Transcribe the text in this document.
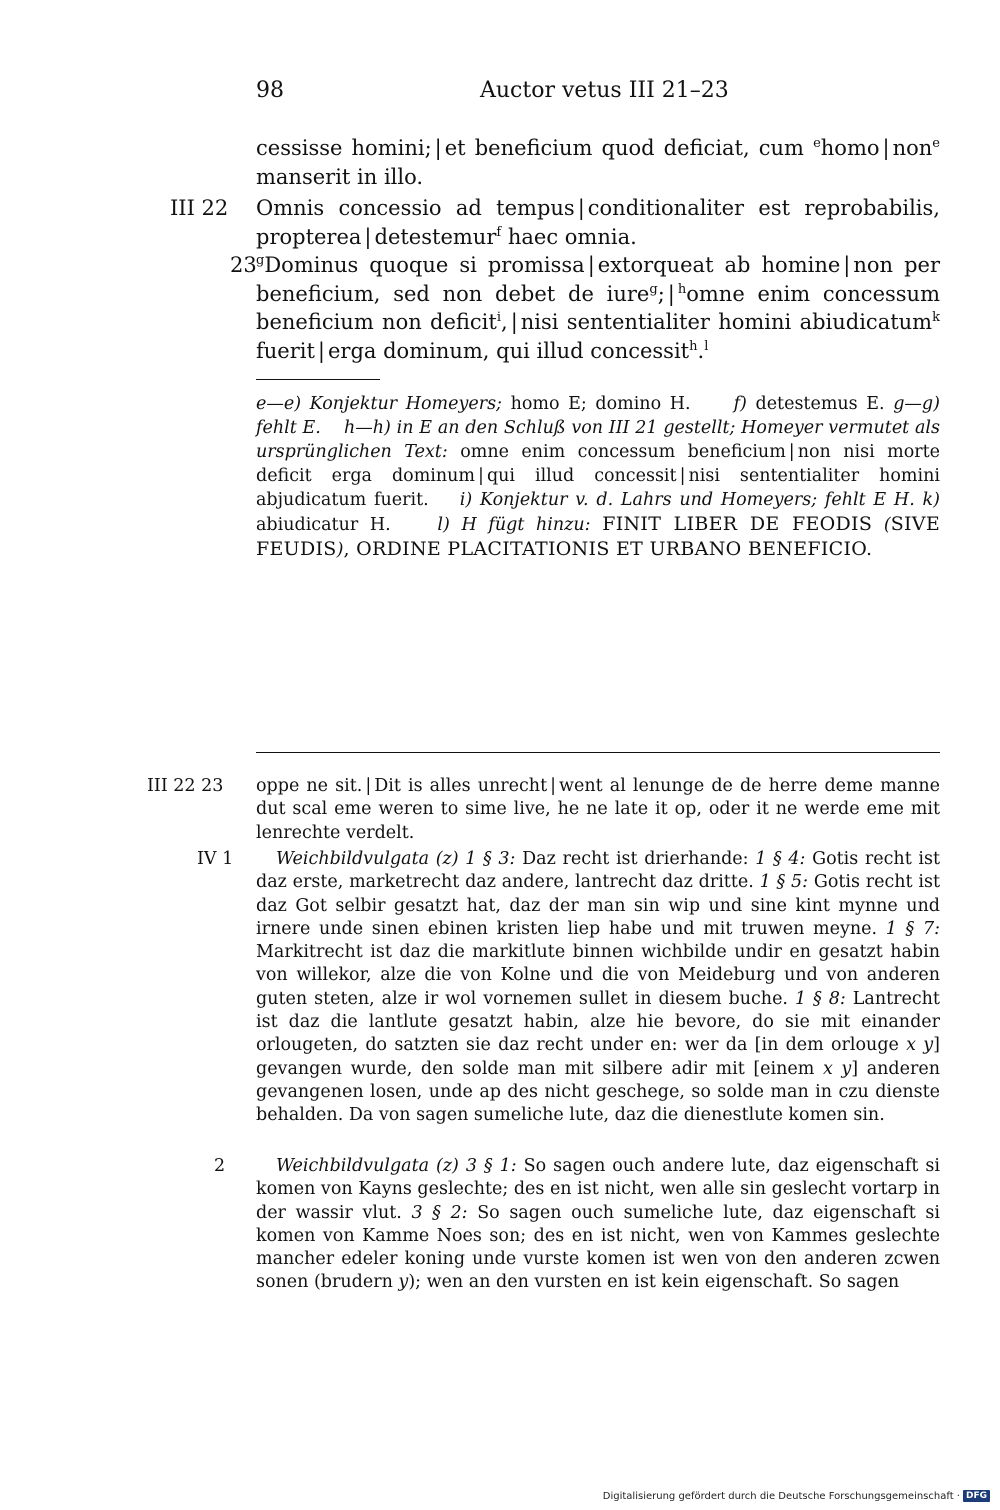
98	Auctor vetus III 21–23

cessisse homini; | et beneficium quod deficiat, cum $^e$homo | non$^e$ manserit in illo.

III 22 Omnis concessio ad tempus | conditionaliter est reprobabilis, propterea | detestemur$^f$ haec omnia.

23 $^g$Dominus quoque si promissa | extorqueat ab homine | non per beneficium, sed non debet de iure$^g$; | $^h$omne enim concessum beneficium non deficit$^i$, | nisi sententialiter homini abiudicatum$^k$ fuerit | erga dominum, qui illud concessit$^h$.$^l$

e—e) Konjektur Homeyers; homo E; domino H. f) detestemus E. g—g) fehlt E. h—h) in E an den Schluß von III 21 gestellt; Homeyer vermutet als ursprünglichen Text: omne enim concessum beneficium | non nisi morte deficit erga dominum | qui illud concessit | nisi sententialiter homini abjudicatum fuerit. i) Konjektur v. d. Lahrs und Homeyers; fehlt E H. k) abiudicatur H.	l) H fügt hinzu: FINIT LIBER DE FEODIS (SIVE FEUDIS), ORDINE PLACITATIONIS ET URBANO BENEFICIO.

III 22 23 oppe ne sit. | Dit is alles unrecht | went al lenunge de de herre deme manne dut scal eme weren to sime live, he ne late it op, oder it ne werde eme mit lenrechte verdelt.

IV 1	Weichbildvulgata (z) 1 § 3: Daz recht ist drierhande: 1 § 4: Gotis recht ist daz erste, marketrecht daz andere, lantrecht daz dritte. 1 § 5: Gotis recht ist daz Got selbir gesatzt hat, daz der man sin wip und sine kint mynne und irnere unde sinen ebinen kristen liep habe und mit truwen meyne. 1 § 7: Markitrecht ist daz die markitlute binnen wichbilde undir en gesatzt habin von willekor, alze die von Kolne und die von Meideburg und von anderen guten steten, alze ir wol vornemen sullet in diesem buche. 1 § 8: Lantrecht ist daz die lantlute gesatzt habin, alze hie bevore, do sie mit einander orlougeten, do satzten sie daz recht under en: wer da [in dem orlouge x y] gevangen wurde, den solde man mit silbere adir mit [einem x y] anderen gevangenen losen, unde ap des nicht geschege, so solde man in czu dienste behalden. Da von sagen sumeliche lute, daz die dienestlute komen sin.

2	Weichbildvulgata (z) 3 § 1: So sagen ouch andere lute, daz eigenschaft si komen von Kayns geslechte; des en ist nicht, wen alle sin geslecht vortarp in der wassir vlut. 3 § 2: So sagen ouch sumeliche lute, daz eigenschaft si komen von Kamme Noes son; des en ist nicht, wen von Kammes geslechte mancher edeler koning unde vurste komen ist wen von den anderen zcwen sonen (brudern y); wen an den vursten en ist kein eigenschaft. So sagen

Digitalisierung gefördert durch die Deutsche Forschungsgemeinschaft · DFG
